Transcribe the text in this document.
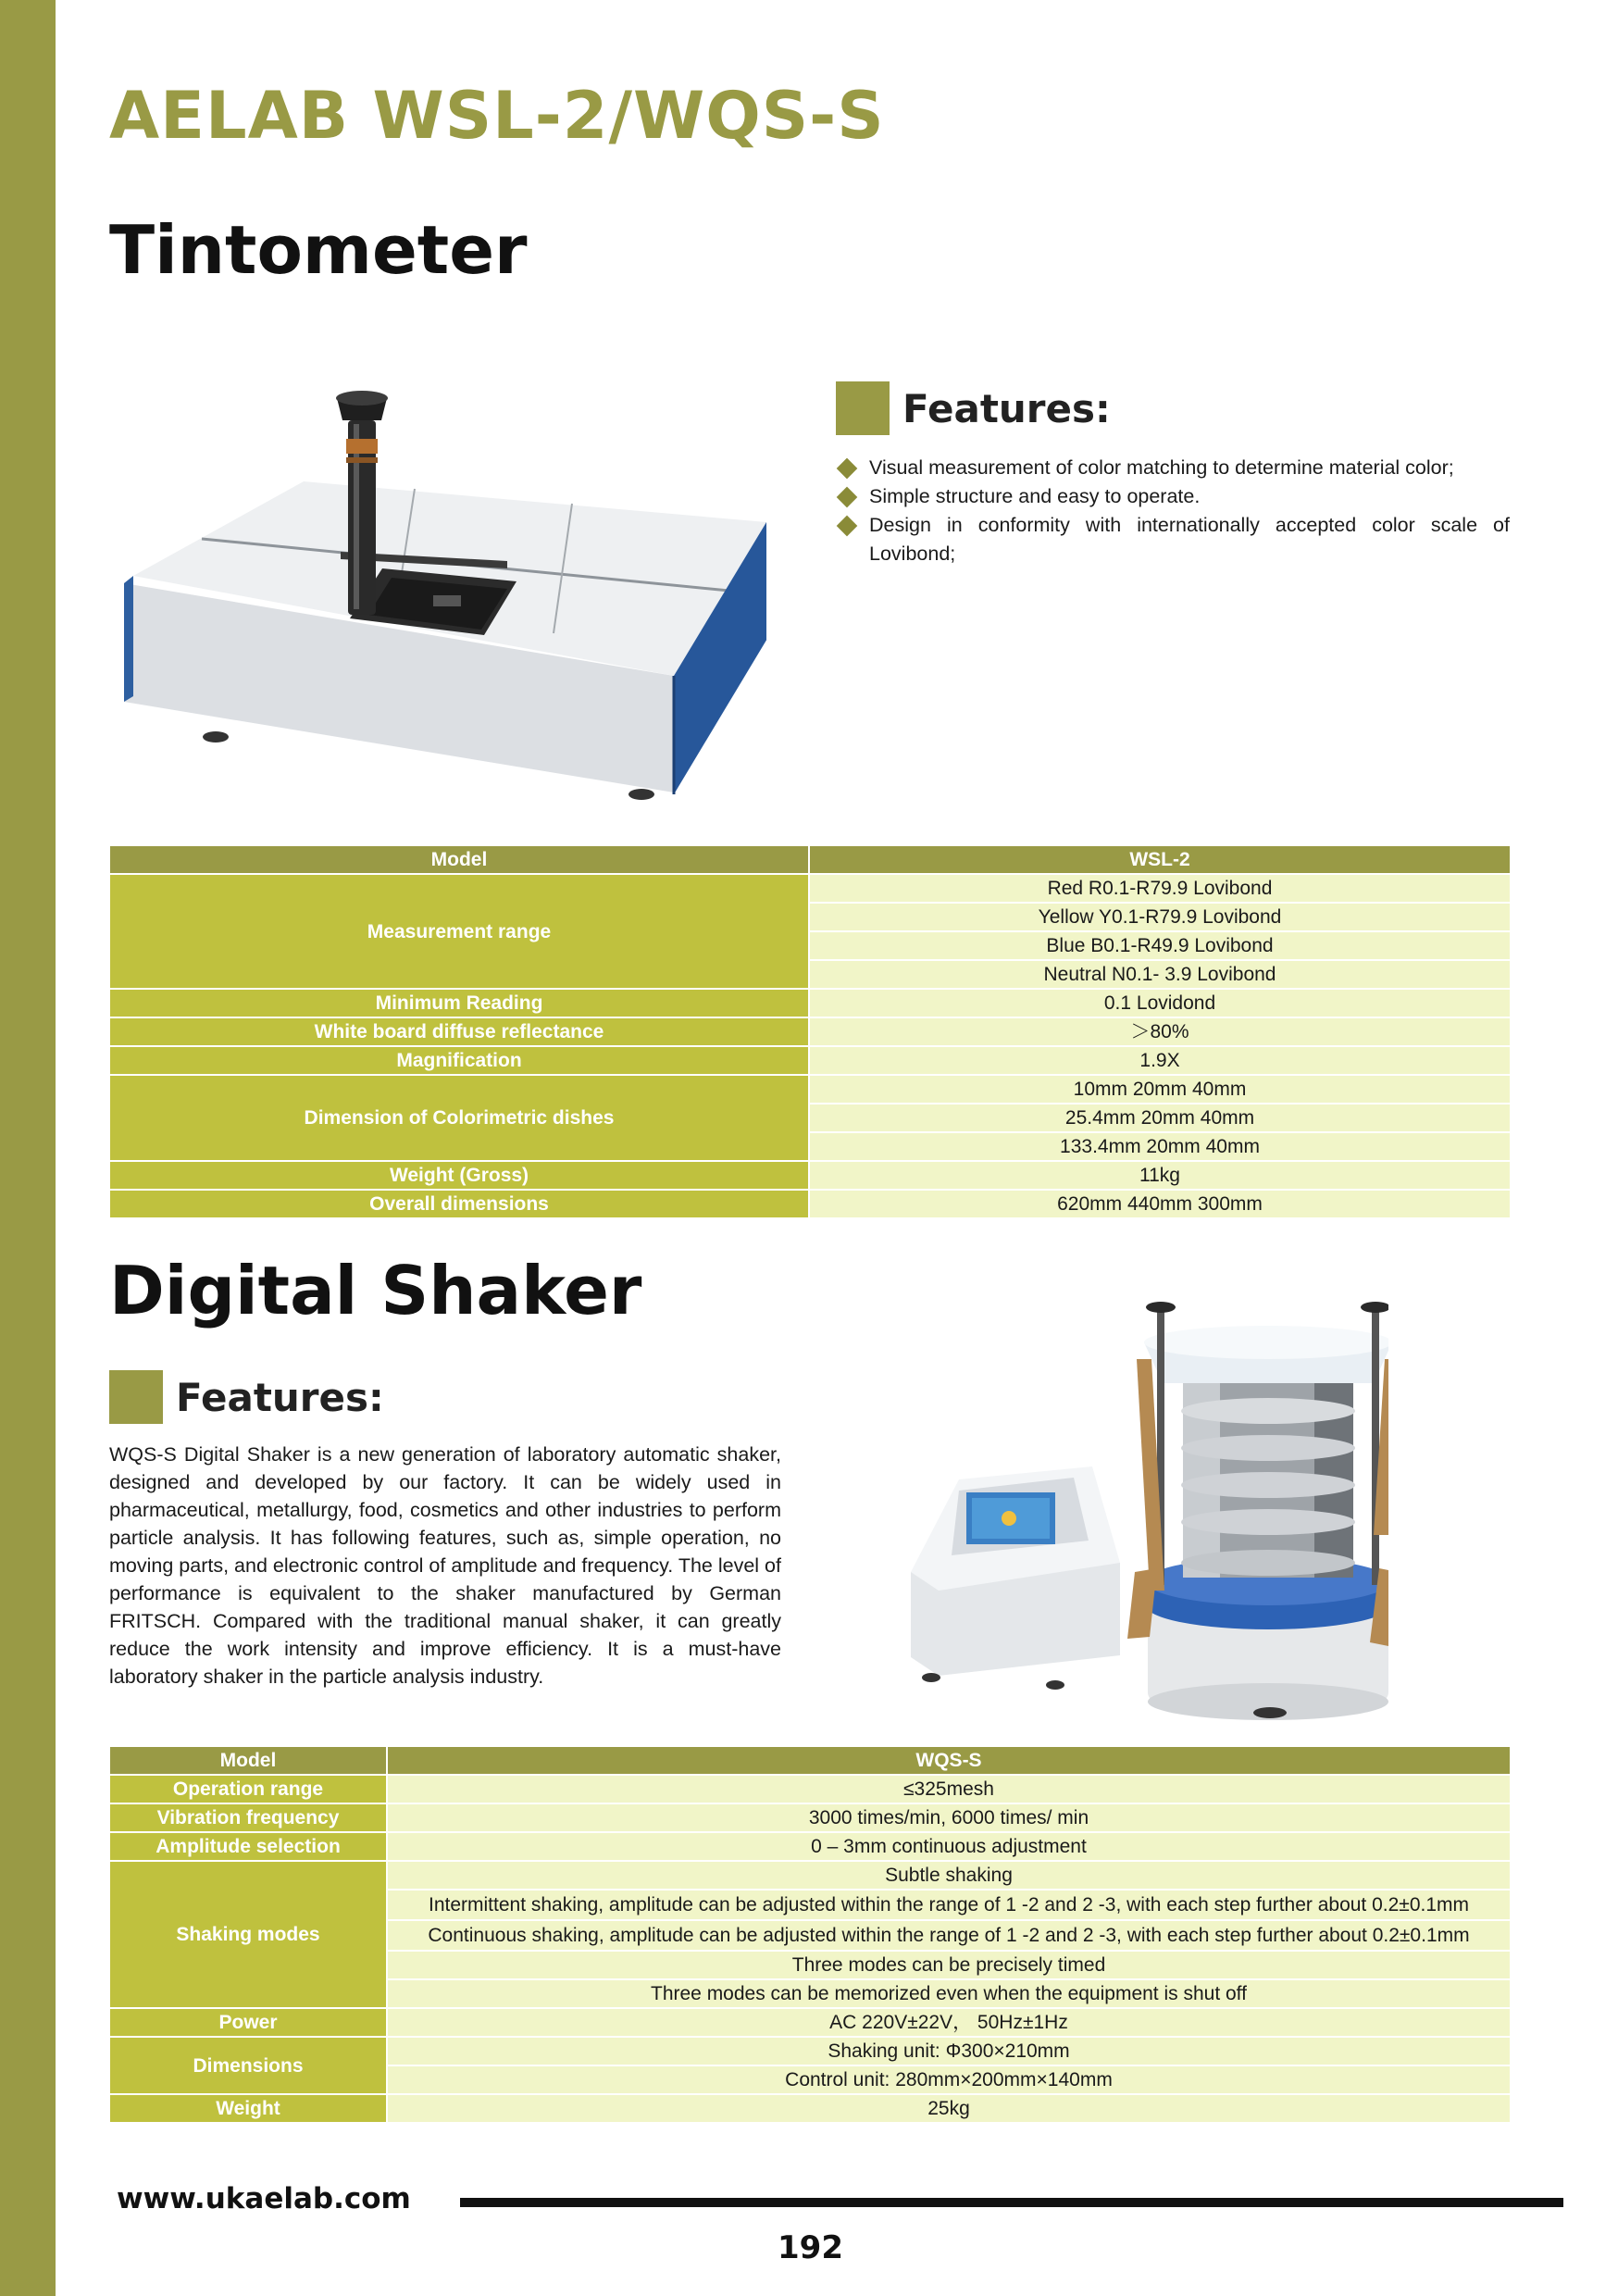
AELAB WSL-2/WQS-S
Tintometer
Features:
Visual measurement of color matching to determine material color;
Simple structure and easy to operate.
Design in conformity with internationally accepted color scale of Lovibond;
Model	WSL-2
Measurement range	Red R0.1-R79.9 Lovibond
	Yellow Y0.1-R79.9 Lovibond
	Blue B0.1-R49.9 Lovibond
	Neutral N0.1- 3.9 Lovibond
Minimum Reading	0.1 Lovidond
White board diffuse reflectance	＞80%
Magnification	1.9X
Dimension of Colorimetric dishes	10mm 20mm 40mm
	25.4mm 20mm 40mm
	133.4mm 20mm 40mm
Weight (Gross)	11kg
Overall dimensions	620mm 440mm 300mm
Digital Shaker
Features:

WQS-S Digital Shaker is a new generation of laboratory automatic shaker, designed and developed by our factory. It can be widely used in pharmaceutical, metallurgy, food, cosmetics and other industries to perform particle analysis. It has following features, such as, simple operation, no moving parts, and electronic control of amplitude and frequency. The level of performance is equivalent to the shaker manufactured by German FRITSCH. Compared with the traditional manual shaker, it can greatly reduce the work intensity and improve efficiency. It is a must-have laboratory shaker in the particle analysis industry.

Model	WQS-S
Operation range	≤325mesh
Vibration frequency	3000 times/min, 6000 times/ min
Amplitude selection	0 – 3mm continuous adjustment
Shaking modes	Subtle shaking
	Intermittent shaking, amplitude can be adjusted within the range of 1 -2 and 2 -3, with each step further about 0.2±0.1mm
	Continuous shaking, amplitude can be adjusted within the range of 1 -2 and 2 -3, with each step further about 0.2±0.1mm
	Three modes can be precisely timed
	Three modes can be memorized even when the equipment is shut off
Power	AC 220V±22V， 50Hz±1Hz
Dimensions	Shaking unit: Φ300×210mm
	Control unit: 280mm×200mm×140mm
Weight	25kg
www.ukaelab.com
192
